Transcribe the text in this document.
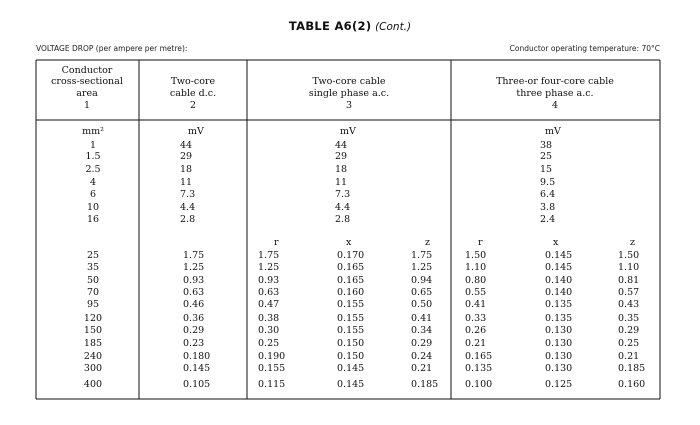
TABLE A6(2) (Cont.)
VOLTAGE DROP (per ampere per metre):	Conductor operating temperature: 70°C
Conductor
cross-sectional
area
1
Two-core
cable d.c.
2
Two-core cable
single phase a.c.
3
Three-or four-core cable
three phase a.c.
4
mm²	mV	mV	mV
r	x	z	r	x	z
1	44	44	38
1.5	29	29	25
2.5	18	18	15
4	11	11	9.5
6	7.3	7.3	6.4
10	4.4	4.4	3.8
16	2.8	2.8	2.4
25	1.75	1.75	0.170	1.75	1.50	0.145	1.50
35	1.25	1.25	0.165	1.25	1.10	0.145	1.10
50	0.93	0.93	0.165	0.94	0.80	0.140	0.81
70	0.63	0.63	0.160	0.65	0.55	0.140	0.57
95	0.46	0.47	0.155	0.50	0.41	0.135	0.43
120	0.36	0.38	0.155	0.41	0.33	0.135	0.35
150	0.29	0.30	0.155	0.34	0.26	0.130	0.29
185	0.23	0.25	0.150	0.29	0.21	0.130	0.25
240	0.180	0.190	0.150	0.24	0.165	0.130	0.21
300	0.145	0.155	0.145	0.21	0.135	0.130	0.185
400	0.105	0.115	0.145	0.185	0.100	0.125	0.160
